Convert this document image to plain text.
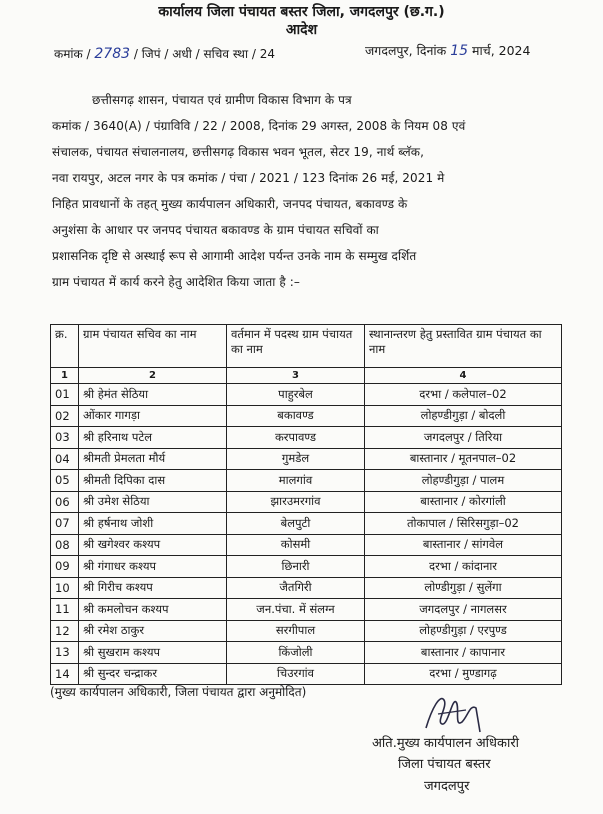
कार्यालय जिला पंचायत बस्तर जिला, जगदलपुर (छ.ग.)
आदेश
कमांक / 2783 / जिपं / अधी / सचिव स्था / 24	जगदलपुर, दिनांक 15 मार्च, 2024
छत्तीसगढ़ शासन, पंचायत एवं ग्रामीण विकास विभाग के पत्र
कमांक / 3640(A) / पंग्राविवि / 22 / 2008, दिनांक 29 अगस्त, 2008 के नियम 08 एवं
संचालक, पंचायत संचालनालय, छत्तीसगढ़ विकास भवन भूतल, सेटर 19, नार्थ ब्लॅक,
नवा रायपुर, अटल नगर के पत्र कमांक / पंचा / 2021 / 123 दिनांक 26 मई, 2021 मे
निहित प्रावधानों के तहत् मुख्य कार्यपालन अधिकारी, जनपद पंचायत, बकावण्ड के
अनुशंसा के आधार पर जनपद पंचायत बकावण्ड के ग्राम पंचायत सचिवों का
प्रशासनिक दृष्टि से अस्थाई रूप से आगामी आदेश पर्यन्त उनके नाम के सम्मुख दर्शित
ग्राम पंचायत में कार्य करने हेतु आदेशित किया जाता है :–
क्र.	ग्राम पंचायत सचिव का नाम	वर्तमान में पदस्थ ग्राम पंचायत का नाम	स्थानान्तरण हेतु प्रस्तावित ग्राम पंचायत का नाम
1	2	3	4
01	श्री हेमंत सेठिया	पाहुरबेल	दरभा / कलेपाल–02
02	ओंकार गागड़ा	बकावण्ड	लोहण्डीगुड़ा / बोदली
03	श्री हरिनाथ पटेल	करपावण्ड	जगदलपुर / तिरिया
04	श्रीमती प्रेमलता मौर्य	गुमडेल	बास्तानार / मूतनपाल–02
05	श्रीमती दिपिका दास	मालगांव	लोहण्डीगुड़ा / पालम
06	श्री उमेश सेठिया	झारउमरगांव	बास्तानार / कोरगांली
07	श्री हर्षनाथ जोशी	बेलपुटी	तोकापाल / सिरिसगुड़ा–02
08	श्री खगेश्वर कश्यप	कोसमी	बास्तानार / सांगवेल
09	श्री गंगाधर कश्यप	छिनारी	दरभा / कांदानार
10	श्री गिरीच कश्यप	जैतगिरी	लोण्डीगुड़ा / सुलेंगा
11	श्री कमलोचन कश्यप	जन.पंचा. में संलग्न	जगदलपुर / नागलसर
12	श्री रमेश ठाकुर	सरगीपाल	लोहण्डीगुड़ा / एरपुण्ड
13	श्री सुखराम कश्यप	किंजोली	बास्तानार / कापानार
14	श्री सुन्दर चन्द्राकर	चिउरगांव	दरभा / मुण्डागढ़
(मुख्य कार्यपालन अधिकारी, जिला पंचायत द्वारा अनुमोदित)
अति.मुख्य कार्यपालन अधिकारी
जिला पंचायत बस्तर
जगदलपुर
